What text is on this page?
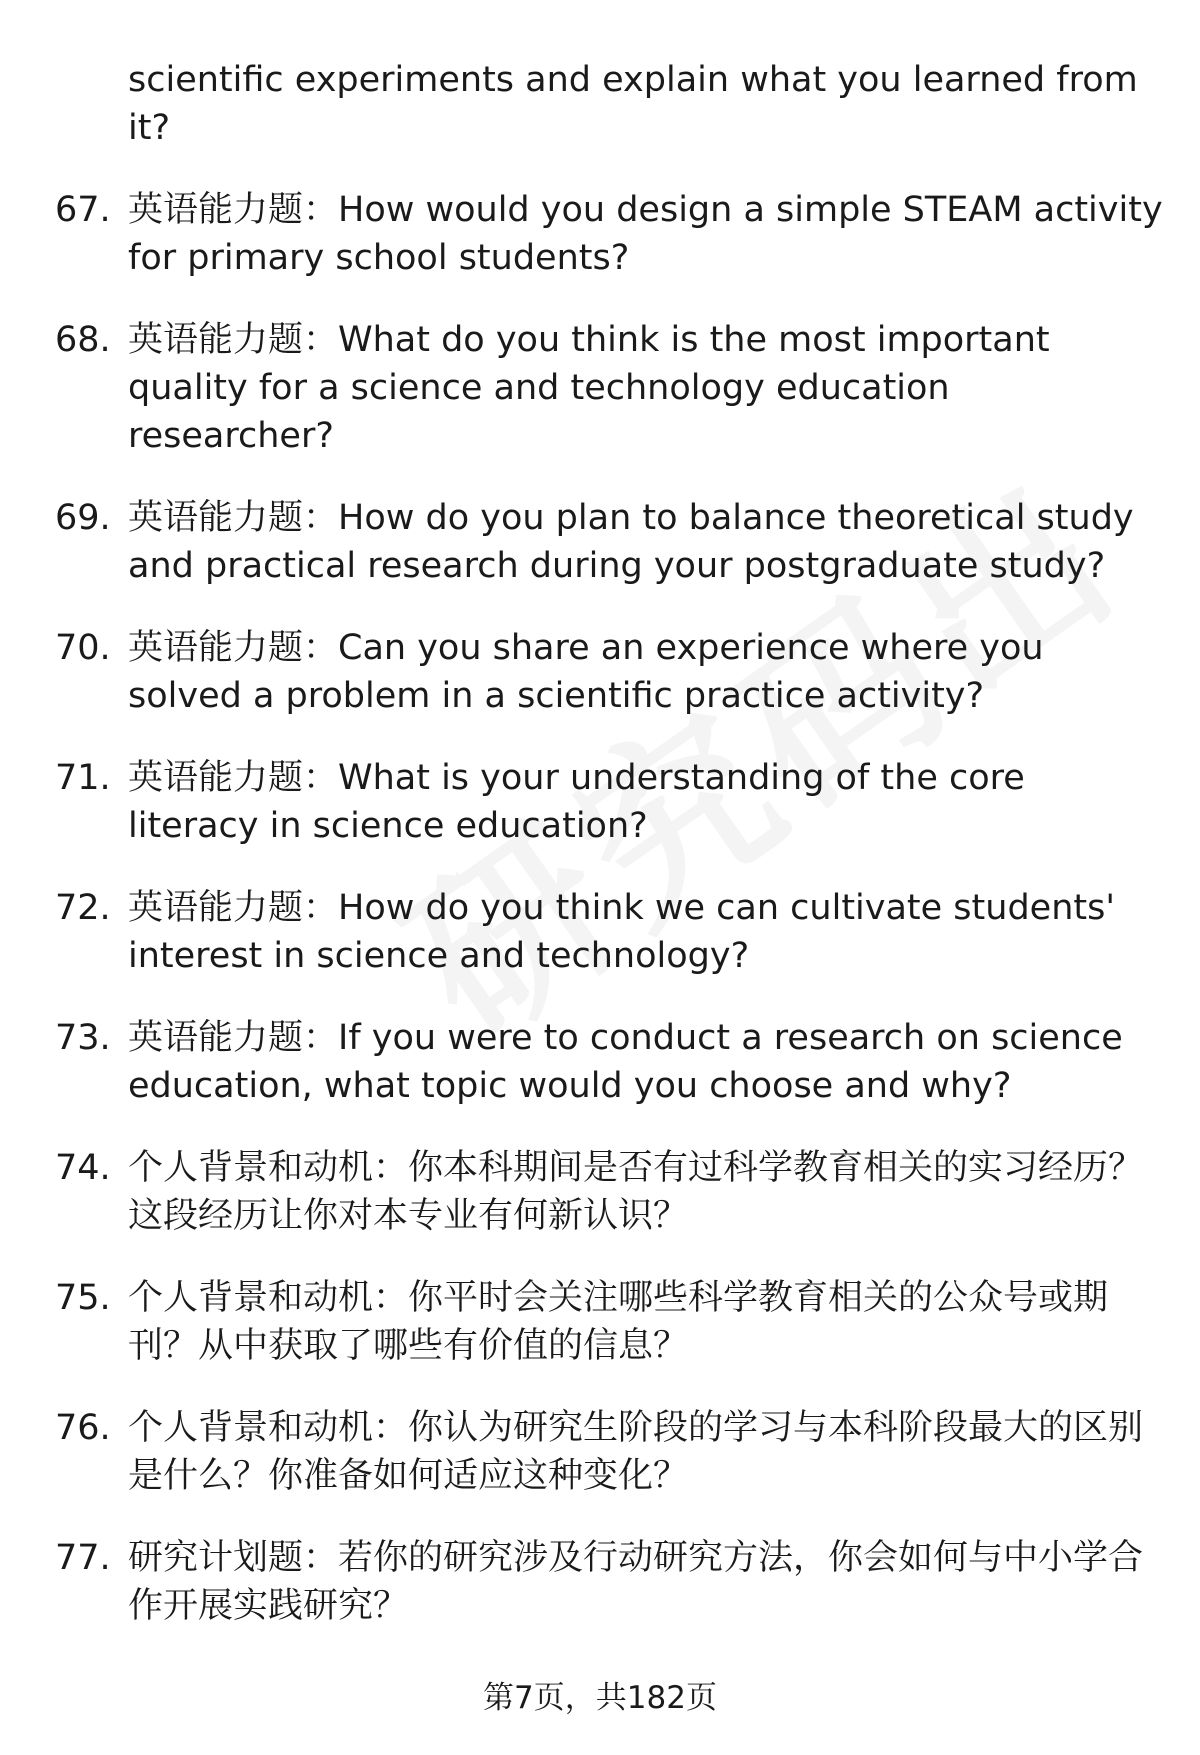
scientific experiments and explain what you learned from it?
67. 英语能力题：How would you design a simple STEAM activity for primary school students?
68. 英语能力题：What do you think is the most important quality for a science and technology education researcher?
69. 英语能力题：How do you plan to balance theoretical study and practical research during your postgraduate study?
70. 英语能力题：Can you share an experience where you solved a problem in a scientific practice activity?
71. 英语能力题：What is your understanding of the core literacy in science education?
72. 英语能力题：How do you think we can cultivate students' interest in science and technology?
73. 英语能力题：If you were to conduct a research on science education, what topic would you choose and why?
74. 个人背景和动机：你本科期间是否有过科学教育相关的实习经历？这段经历让你对本专业有何新认识？
75. 个人背景和动机：你平时会关注哪些科学教育相关的公众号或期刊？从中获取了哪些有价值的信息？
76. 个人背景和动机：你认为研究生阶段的学习与本科阶段最大的区别是什么？你准备如何适应这种变化？
77. 研究计划题：若你的研究涉及行动研究方法，你会如何与中小学合作开展实践研究？
第7页，共182页
